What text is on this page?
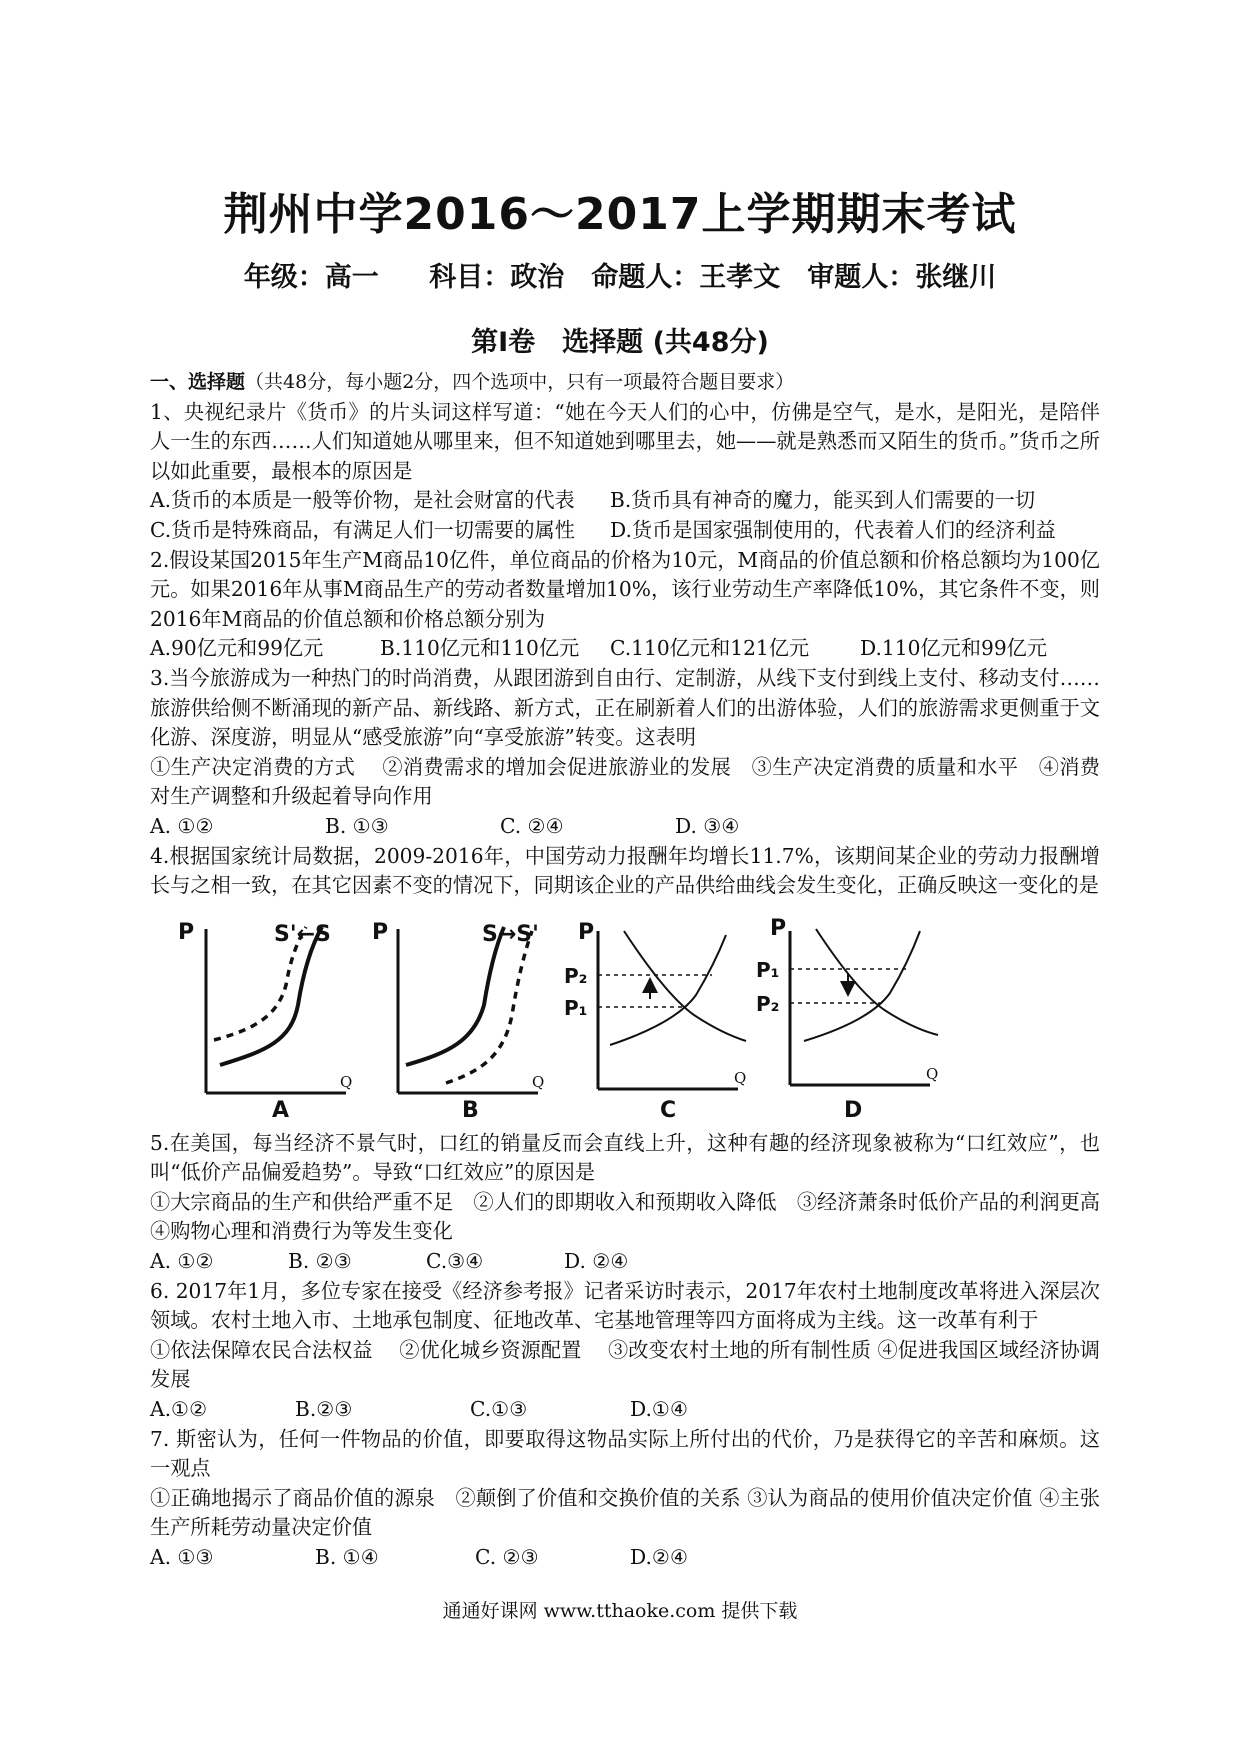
荆州中学2016～2017上学期期末考试
年级：高一　 科目：政治　命题人：王孝文　审题人：张继川
第Ⅰ卷　选择题 (共48分)

一、选择题（共48分，每小题2分，四个选项中，只有一项最符合题目要求）

1、央视纪录片《货币》的片头词这样写道：“她在今天人们的心中，仿佛是空气，是水，是阳光，是陪伴人一生的东西……人们知道她从哪里来，但不知道她到哪里去，她——就是熟悉而又陌生的货币。”货币之所以如此重要，最根本的原因是

A.货币的本质是一般等价物，是社会财富的代表	B.货币具有神奇的魔力，能买到人们需要的一切
C.货币是特殊商品，有满足人们一切需要的属性	D.货币是国家强制使用的，代表着人们的经济利益

2.假设某国2015年生产M商品10亿件，单位商品的价格为10元，M商品的价值总额和价格总额均为100亿元。如果2016年从事M商品生产的劳动者数量增加10%，该行业劳动生产率降低10%，其它条件不变，则2016年M商品的价值总额和价格总额分别为

A.90亿元和99亿元	B.110亿元和110亿元	C.110亿元和121亿元	D.110亿元和99亿元

3.当今旅游成为一种热门的时尚消费，从跟团游到自由行、定制游，从线下支付到线上支付、移动支付……旅游供给侧不断涌现的新产品、新线路、新方式，正在刷新着人们的出游体验，人们的旅游需求更侧重于文化游、深度游，明显从“感受旅游”向“享受旅游”转变。这表明

①生产决定消费的方式　 ②消费需求的增加会促进旅游业的发展　③生产决定消费的质量和水平　④消费对生产调整和升级起着导向作用

A. ①②	B. ①③	C. ②④	D. ③④

4.根据国家统计局数据，2009-2016年，中国劳动力报酬年均增长11.7%，该期间某企业的劳动力报酬增长与之相一致，在其它因素不变的情况下，同期该企业的产品供给曲线会发生变化，正确反映这一变化的是

P
Q
S'←S
A
P
Q
S→S'
B
P
Q
P₂
P₁
C
P
Q
P₁
P₂
D

5.在美国，每当经济不景气时，口红的销量反而会直线上升，这种有趣的经济现象被称为“口红效应”，也叫“低价产品偏爱趋势”。导致“口红效应”的原因是

①大宗商品的生产和供给严重不足　②人们的即期收入和预期收入降低　③经济萧条时低价产品的利润更高　④购物心理和消费行为等发生变化

A. ①②	B. ②③	C.③④	D. ②④

6. 2017年1月，多位专家在接受《经济参考报》记者采访时表示，2017年农村土地制度改革将进入深层次领域。农村土地入市、土地承包制度、征地改革、宅基地管理等四方面将成为主线。这一改革有利于

①依法保障农民合法权益　 ②优化城乡资源配置　 ③改变农村土地的所有制性质 ④促进我国区域经济协调发展

A.①②	B.②③	C.①③	D.①④

7. 斯密认为，任何一件物品的价值，即要取得这物品实际上所付出的代价，乃是获得它的辛苦和麻烦。这一观点

①正确地揭示了商品价值的源泉　②颠倒了价值和交换价值的关系 ③认为商品的使用价值决定价值 ④主张生产所耗劳动量决定价值

A. ①③	B. ①④	C. ②③	D.②④
通通好课网 www.tthaoke.com 提供下载
